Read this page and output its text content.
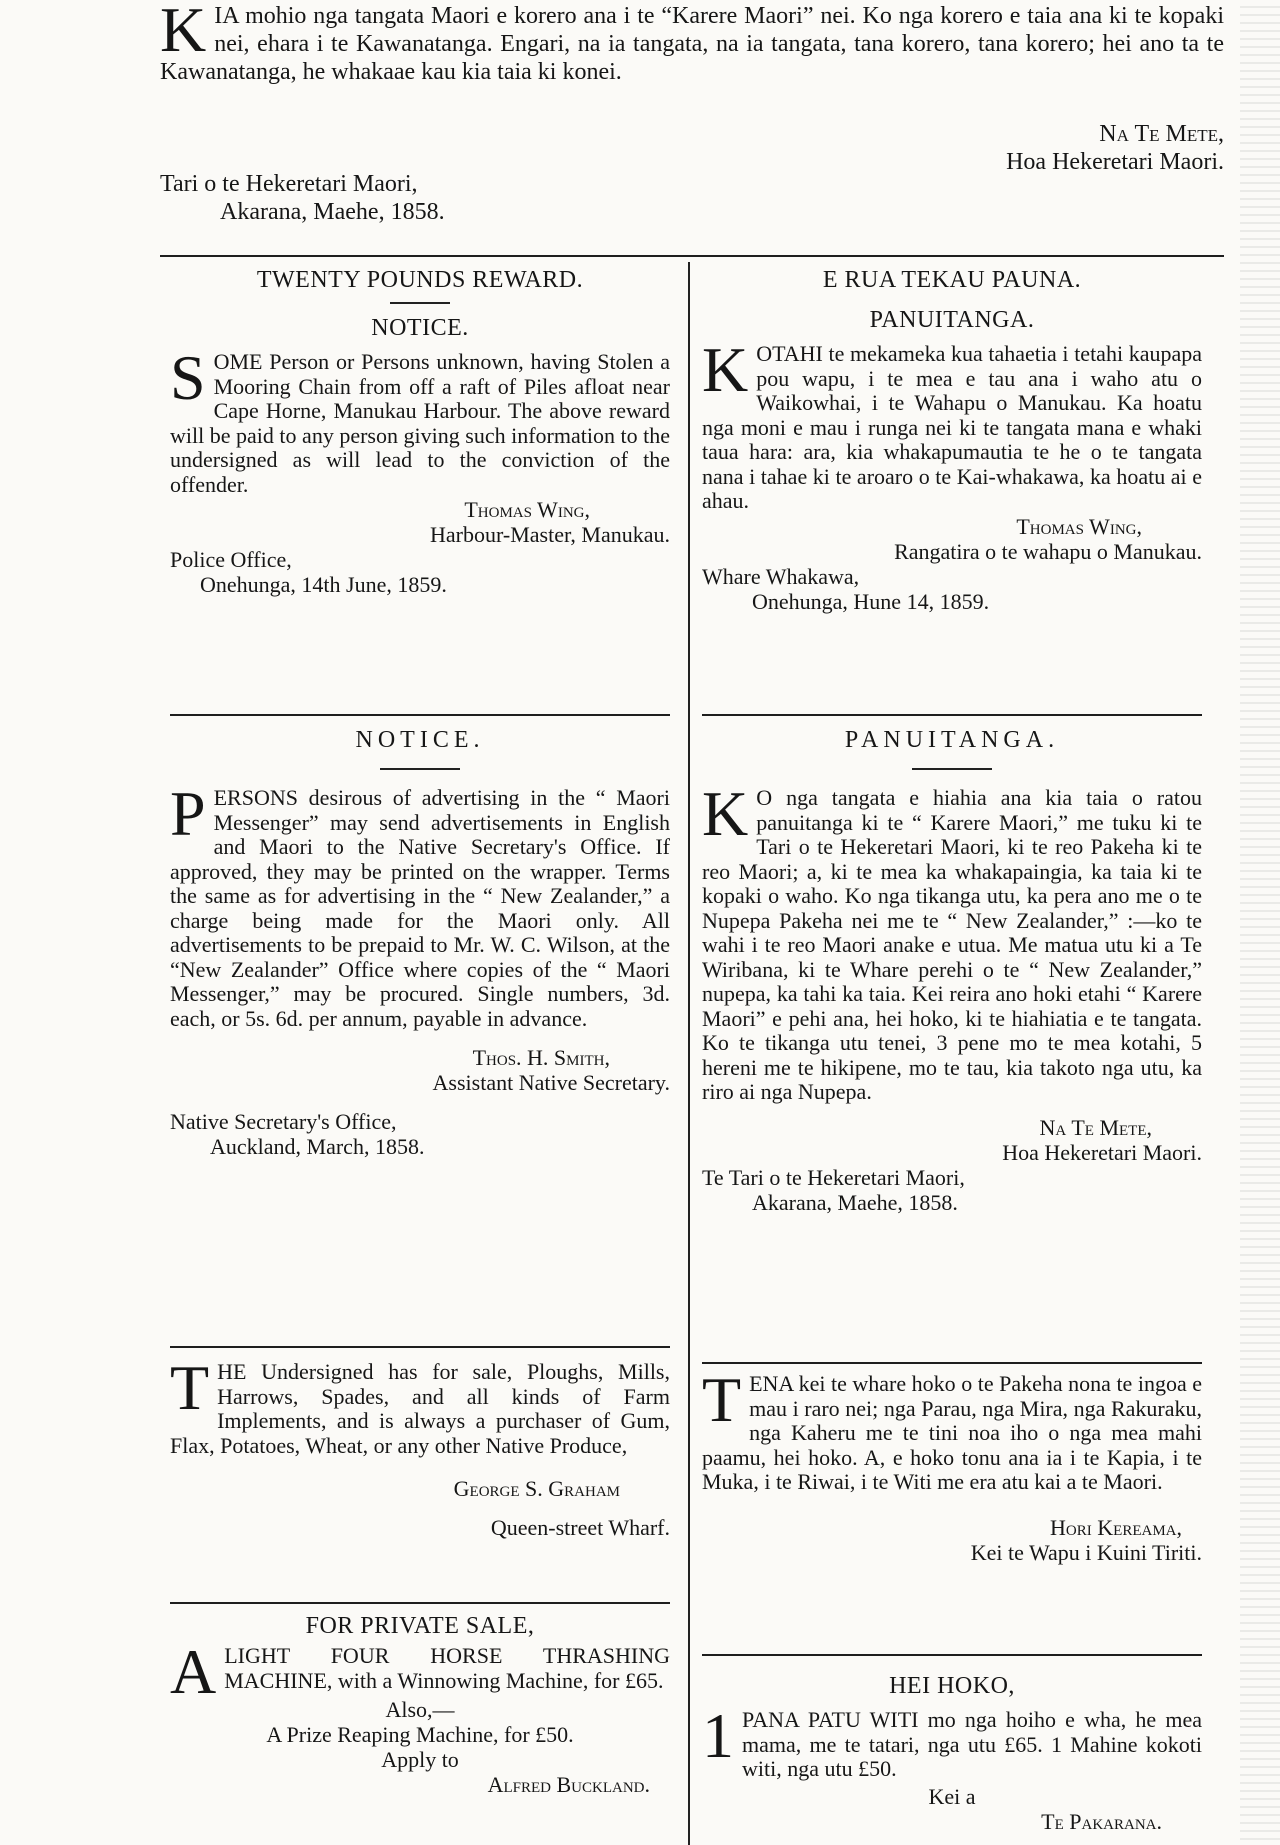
K IA mohio nga tangata Maori e korero ana i te “Karere Maori” nei. Ko nga korero e taia ana ki te kopaki nei, ehara i te Kawanatanga. Engari, na ia tangata, na ia tangata, tana korero, tana korero; hei ano ta te Kawanatanga, he whakaae kau kia taia ki konei.

Na Te Mete,
Hoa Hekeretari Maori.
Tari o te Hekeretari Maori,
Akarana, Maehe, 1858.
TWENTY POUNDS REWARD.
NOTICE.

S OME Person or Persons unknown, having Stolen a Mooring Chain from off a raft of Piles afloat near Cape Horne, Manukau Harbour. The above reward will be paid to any person giving such information to the undersigned as will lead to the conviction of the offender.

Thomas Wing,
Harbour-Master, Manukau.
Police Office,
Onehunga, 14th June, 1859.
NOTICE.

P ERSONS desirous of advertising in the “ Maori Messenger” may send advertisements in English and Maori to the Native Secretary's Office. If approved, they may be printed on the wrapper. Terms the same as for advertising in the “ New Zealander,” a charge being made for the Maori only. All advertisements to be prepaid to Mr. W. C. Wilson, at the “New Zealander” Office where copies of the “ Maori Messenger,” may be procured. Single numbers, 3d. each, or 5s. 6d. per annum, payable in advance.

Thos. H. Smith,
Assistant Native Secretary.
Native Secretary's Office,
Auckland, March, 1858.

T HE Undersigned has for sale, Ploughs, Mills, Harrows, Spades, and all kinds of Farm Implements, and is always a purchaser of Gum, Flax, Potatoes, Wheat, or any other Native Produce,

George S. Graham
Queen-street Wharf.
FOR PRIVATE SALE,

A LIGHT FOUR HORSE THRASHING MACHINE, with a Winnowing Machine, for £65.

Also,—
A Prize Reaping Machine, for £50.
Apply to
Alfred Buckland.
E RUA TEKAU PAUNA.
PANUITANGA.

K OTAHI te mekameka kua tahaetia i tetahi kaupapa pou wapu, i te mea e tau ana i waho atu o Waikowhai, i te Wahapu o Manukau. Ka hoatu nga moni e mau i runga nei ki te tangata mana e whaki taua hara: ara, kia whakapumautia te he o te tangata nana i tahae ki te aroaro o te Kai-whakawa, ka hoatu ai e ahau.

Thomas Wing,
Rangatira o te wahapu o Manukau.
Whare Whakawa,
Onehunga, Hune 14, 1859.
PANUITANGA.

K O nga tangata e hiahia ana kia taia o ratou panuitanga ki te “ Karere Maori,” me tuku ki te Tari o te Hekeretari Maori, ki te reo Pakeha ki te reo Maori; a, ki te mea ka whakapaingia, ka taia ki te kopaki o waho. Ko nga tikanga utu, ka pera ano me o te Nupepa Pakeha nei me te “ New Zealander,” :—ko te wahi i te reo Maori anake e utua. Me matua utu ki a Te Wiribana, ki te Whare perehi o te “ New Zealander,” nupepa, ka tahi ka taia. Kei reira ano hoki etahi “ Karere Maori” e pehi ana, hei hoko, ki te hiahiatia e te tangata. Ko te tikanga utu tenei, 3 pene mo te mea kotahi, 5 hereni me te hikipene, mo te tau, kia takoto nga utu, ka riro ai nga Nupepa.

Na Te Mete,
Hoa Hekeretari Maori.
Te Tari o te Hekeretari Maori,
Akarana, Maehe, 1858.

T ENA kei te whare hoko o te Pakeha nona te ingoa e mau i raro nei; nga Parau, nga Mira, nga Rakuraku, nga Kaheru me te tini noa iho o nga mea mahi paamu, hei hoko. A, e hoko tonu ana ia i te Kapia, i te Muka, i te Riwai, i te Witi me era atu kai a te Maori.

Hori Kereama,
Kei te Wapu i Kuini Tiriti.
HEI HOKO,

1 PANA PATU WITI mo nga hoiho e wha, he mea mama, me te tatari, nga utu £65. 1 Mahine kokoti witi, nga utu £50.

Kei a
Te Pakarana.
